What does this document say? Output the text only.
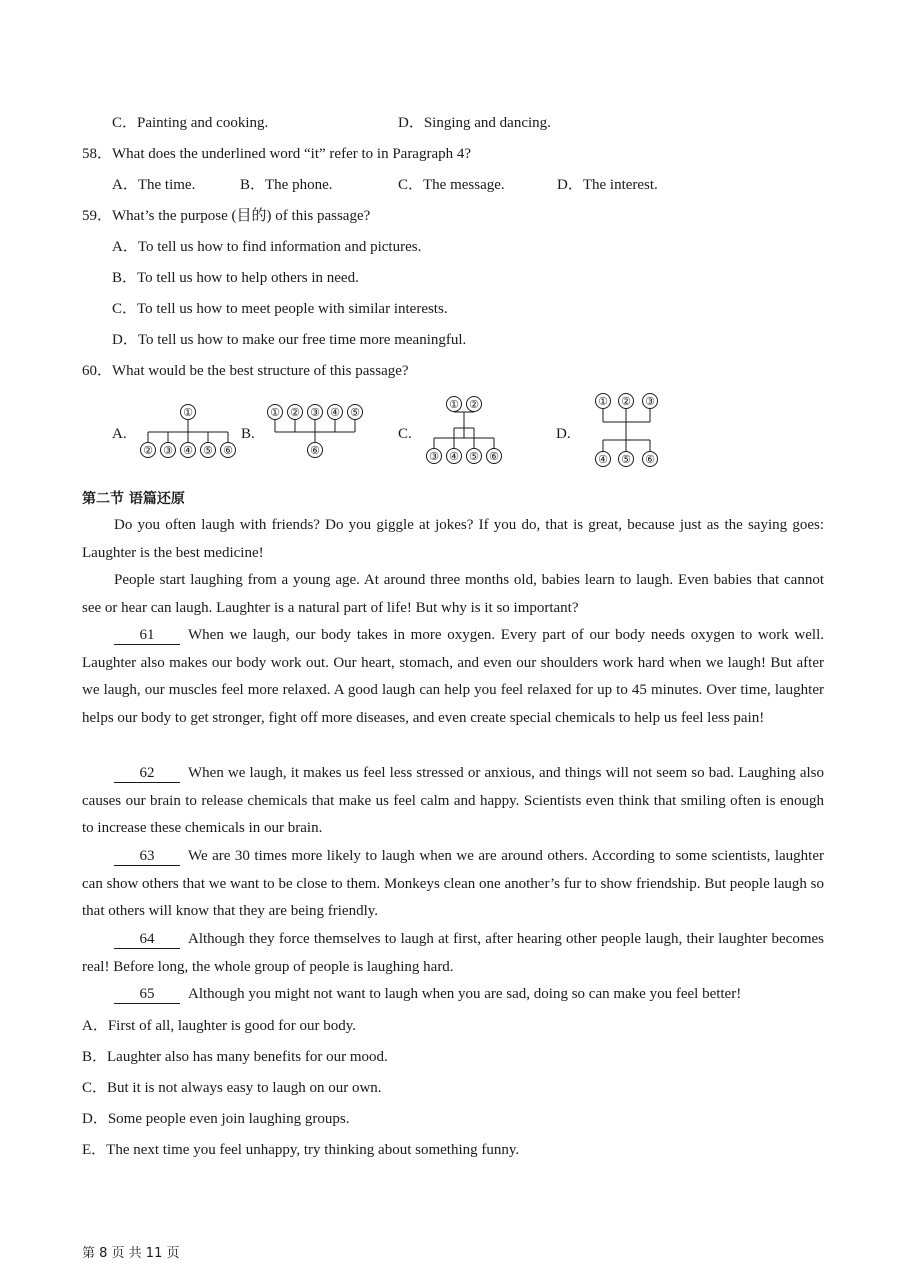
C．Painting and cooking.	D．Singing and dancing.
58．What does the underlined word “it” refer to in Paragraph 4?
A．The time.	B．The phone.	C．The message.	D．The interest.
59．What’s the purpose (目的) of this passage?
A．To tell us how to find information and pictures.
B．To tell us how to help others in need.
C．To tell us how to meet people with similar interests.
D．To tell us how to make our free time more meaningful.
60．What would be the best structure of this passage?
①
② ③ ④ ⑤ ⑥
① ② ③ ④ ⑤
⑥
① ②
③ ④ ⑤ ⑥
① ② ③
④ ⑤ ⑥
A.	B.	C.	D.
第二节 语篇还原
Do you often laugh with friends? Do you giggle at jokes? If you do, that is great, because just as the saying goes: Laughter is the best medicine!
People start laughing from a young age. At around three months old, babies learn to laugh. Even babies that cannot see or hear can laugh. Laughter is a natural part of life! But why is it so important?
61 When we laugh, our body takes in more oxygen. Every part of our body needs oxygen to work well. Laughter also makes our body work out. Our heart, stomach, and even our shoulders work hard when we laugh! But after we laugh, our muscles feel more relaxed. A good laugh can help you feel relaxed for up to 45 minutes. Over time, laughter helps our body to get stronger, fight off more diseases, and even create special chemicals to help us feel less pain!
62 When we laugh, it makes us feel less stressed or anxious, and things will not seem so bad. Laughing also causes our brain to release chemicals that make us feel calm and happy. Scientists even think that smiling often is enough to increase these chemicals in our brain.
63 We are 30 times more likely to laugh when we are around others. According to some scientists, laughter can show others that we want to be close to them. Monkeys clean one another’s fur to show friendship. But people laugh so that others will know that they are being friendly.
64 Although they force themselves to laugh at first, after hearing other people laugh, their laughter becomes real! Before long, the whole group of people is laughing hard.
65 Although you might not want to laugh when you are sad, doing so can make you feel better!
A．First of all, laughter is good for our body.
B．Laughter also has many benefits for our mood.
C．But it is not always easy to laugh on our own.
D．Some people even join laughing groups.
E．The next time you feel unhappy, try thinking about something funny.
第 8 页 共 11 页
